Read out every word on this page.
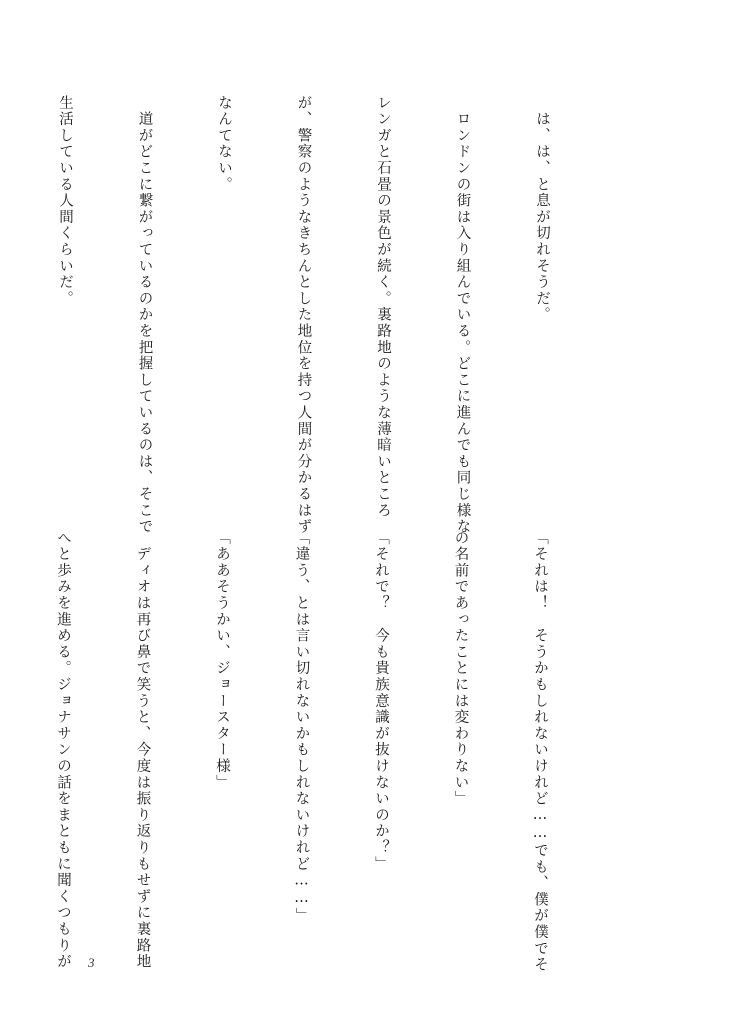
　は、は、と息が切れそうだ。

　ロンドンの街は入り組んでいる。どこに進んでも同じ様な

レンガと石畳の景色が続く。裏路地のような薄暗いところ

が、警察のようなきちんとした地位を持つ人間が分かるはず

なんてない。

　道がどこに繋がっているのかを把握しているのは、そこで

生活している人間くらいだ。

「それは！　そうかもしれないけれど……でも、僕が僕でそ

の名前であったことには変わりない」

「それで？　今も貴族意識が抜けないのか？」

「違う、とは言い切れないかもしれないけれど……」

「ああそうかい、ジョースター様」

　ディオは再び鼻で笑うと、今度は振り返りもせずに裏路地

へと歩みを進める。ジョナサンの話をまともに聞くつもりが

	3
